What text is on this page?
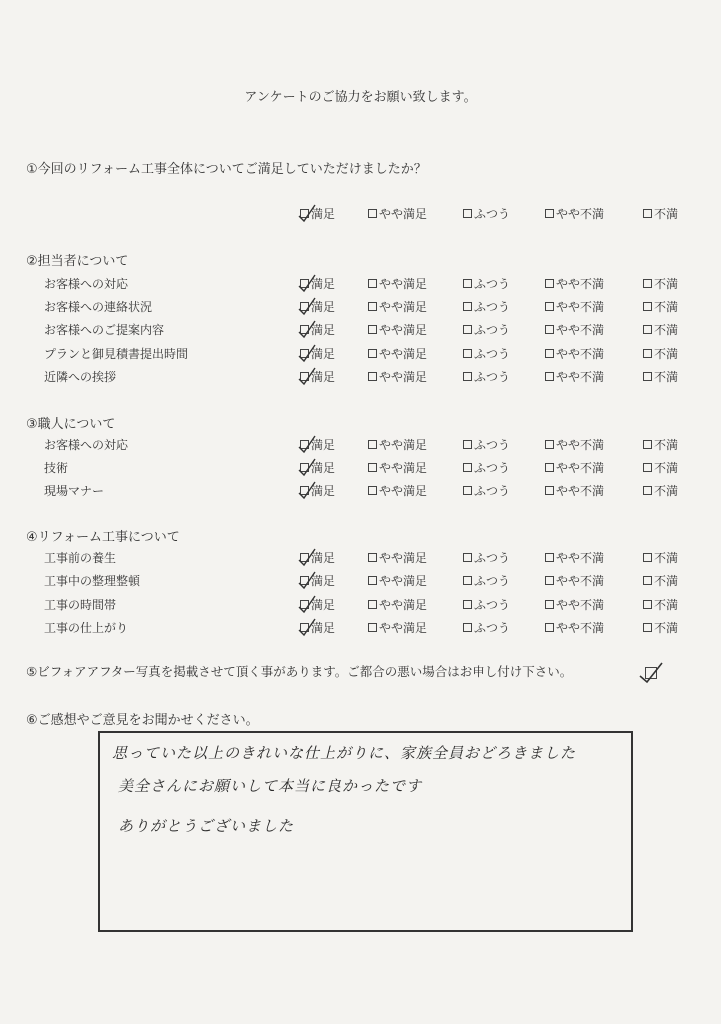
アンケートのご協力をお願い致します。
①今回のリフォーム工事全体についてご満足していただけましたか？
満足	やや満足	ふつう	やや不満	不満
②担当者について
お客様への対応	満足	やや満足	ふつう	やや不満	不満
お客様への連絡状況	満足	やや満足	ふつう	やや不満	不満
お客様へのご提案内容	満足	やや満足	ふつう	やや不満	不満
プランと御見積書提出時間	満足	やや満足	ふつう	やや不満	不満
近隣への挨拶	満足	やや満足	ふつう	やや不満	不満
③職人について
お客様への対応	満足	やや満足	ふつう	やや不満	不満
技術	満足	やや満足	ふつう	やや不満	不満
現場マナー	満足	やや満足	ふつう	やや不満	不満
④リフォーム工事について
工事前の養生	満足	やや満足	ふつう	やや不満	不満
工事中の整理整頓	満足	やや満足	ふつう	やや不満	不満
工事の時間帯	満足	やや満足	ふつう	やや不満	不満
工事の仕上がり	満足	やや満足	ふつう	やや不満	不満
⑤ビフォアアフター写真を掲載させて頂く事があります。ご都合の悪い場合はお申し付け下さい。
⑥ご感想やご意見をお聞かせください。
思っていた以上のきれいな仕上がりに、家族全員おどろきました
美全さんにお願いして本当に良かったです
ありがとうございました
